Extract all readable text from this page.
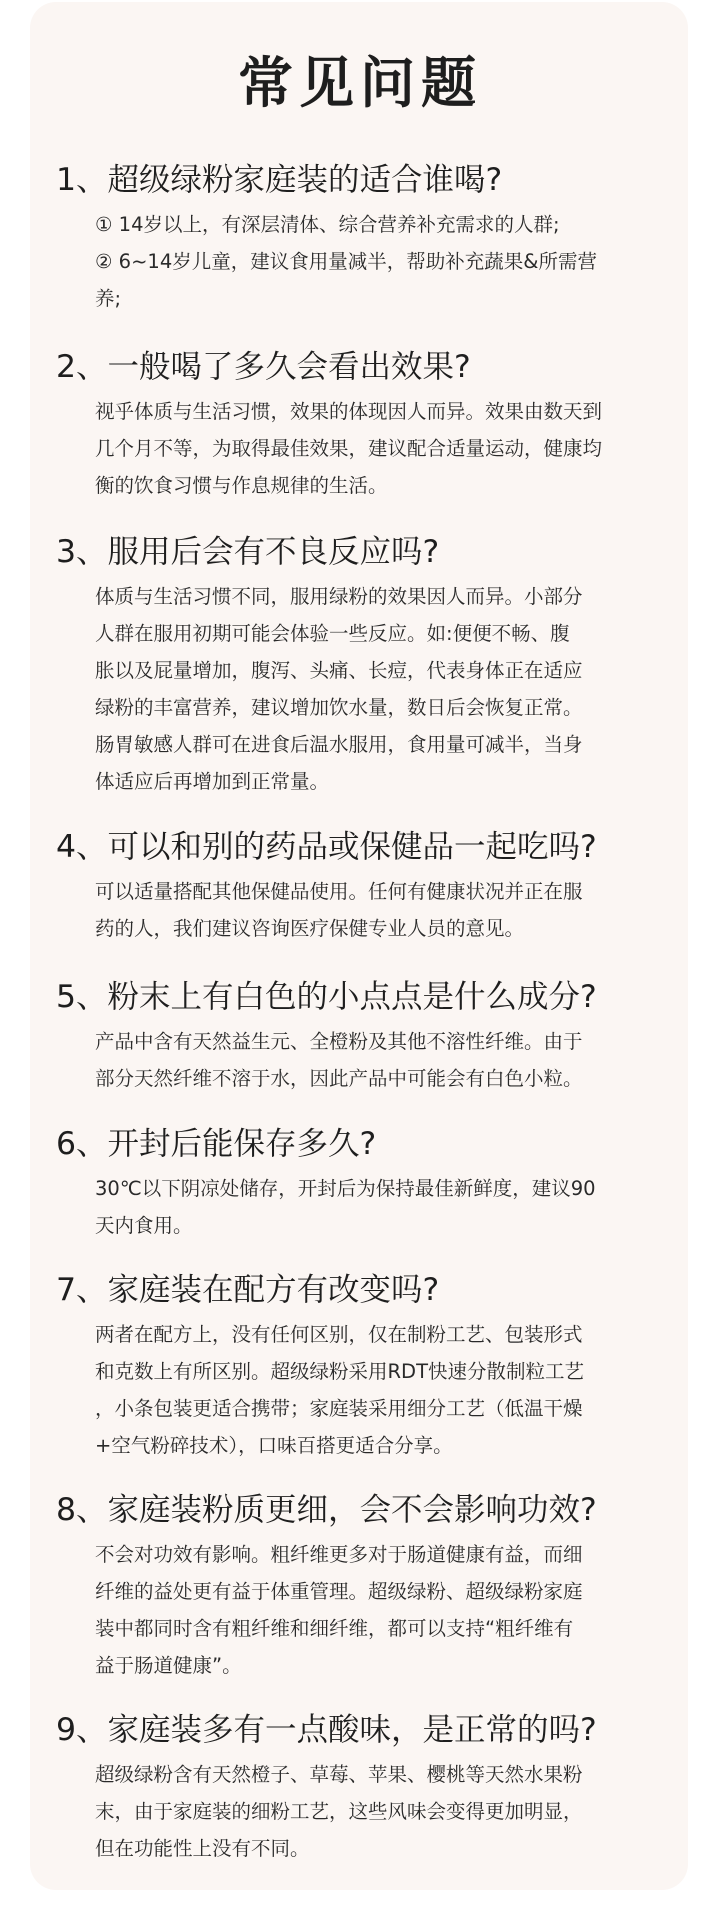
常见问题
1、超级绿粉家庭装的适合谁喝?
① 14岁以上，有深层清体、综合营养补充需求的人群;
② 6~14岁儿童，建议食用量减半，帮助补充蔬果&所需营
养;
2、一般喝了多久会看出效果?
视乎体质与生活习惯，效果的体现因人而异。效果由数天到
几个月不等，为取得最佳效果，建议配合适量运动，健康均
衡的饮食习惯与作息规律的生活。
3、服用后会有不良反应吗?
体质与生活习惯不同，服用绿粉的效果因人而异。小部分
人群在服用初期可能会体验一些反应。如:便便不畅、腹
胀以及屁量增加，腹泻、头痛、长痘，代表身体正在适应
绿粉的丰富营养，建议增加饮水量，数日后会恢复正常。
肠胃敏感人群可在进食后温水服用，食用量可减半，当身
体适应后再增加到正常量。
4、可以和别的药品或保健品一起吃吗?
可以适量搭配其他保健品使用。任何有健康状况并正在服
药的人，我们建议咨询医疗保健专业人员的意见。
5、粉末上有白色的小点点是什么成分?
产品中含有天然益生元、全橙粉及其他不溶性纤维。由于
部分天然纤维不溶于水，因此产品中可能会有白色小粒。
6、开封后能保存多久?
30℃以下阴凉处储存，开封后为保持最佳新鲜度，建议90
天内食用。
7、家庭装在配方有改变吗?
两者在配方上，没有任何区别，仅在制粉工艺、包装形式
和克数上有所区别。超级绿粉采用RDT快速分散制粒工艺
，小条包装更适合携带；家庭装采用细分工艺（低温干燥
+空气粉碎技术），口味百搭更适合分享。
8、家庭装粉质更细，会不会影响功效?
不会对功效有影响。粗纤维更多对于肠道健康有益，而细
纤维的益处更有益于体重管理。超级绿粉、超级绿粉家庭
装中都同时含有粗纤维和细纤维，都可以支持“粗纤维有
益于肠道健康”。
9、家庭装多有一点酸味，是正常的吗?
超级绿粉含有天然橙子、草莓、苹果、樱桃等天然水果粉
末，由于家庭装的细粉工艺，这些风味会变得更加明显，
但在功能性上没有不同。
